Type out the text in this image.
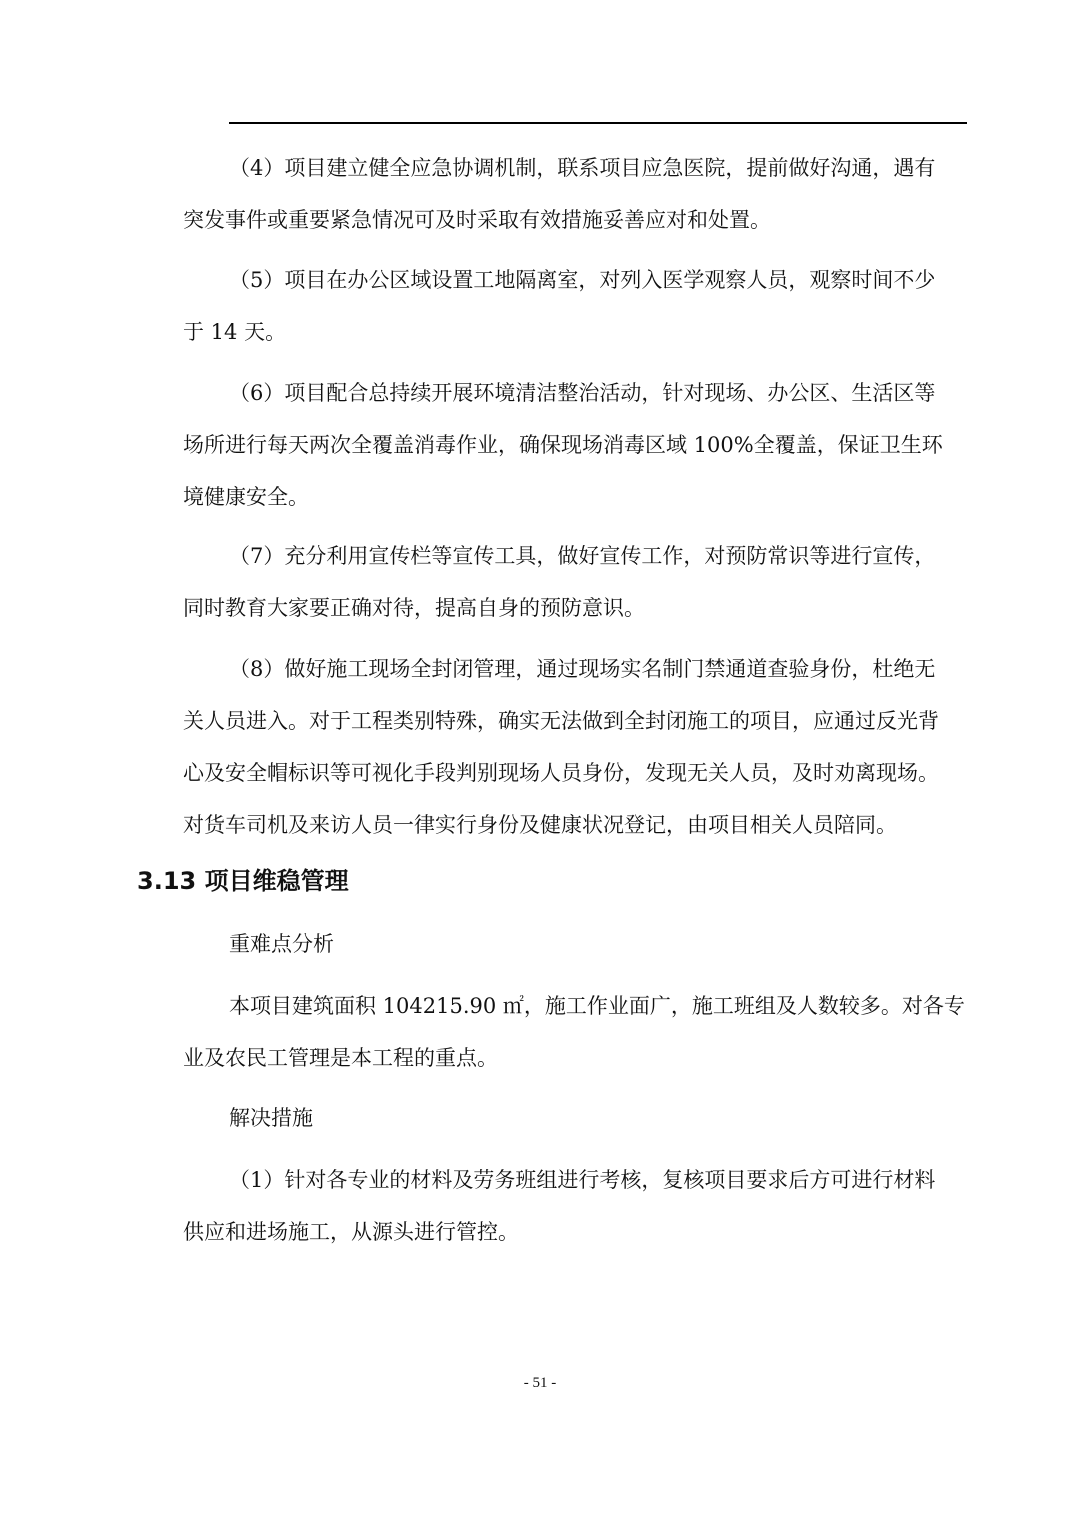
（4）项目建立健全应急协调机制，联系项目应急医院，提前做好沟通，遇有
突发事件或重要紧急情况可及时采取有效措施妥善应对和处置。
（5）项目在办公区域设置工地隔离室，对列入医学观察人员，观察时间不少
于 14 天。
（6）项目配合总持续开展环境清洁整治活动，针对现场、办公区、生活区等
场所进行每天两次全覆盖消毒作业，确保现场消毒区域 100%全覆盖，保证卫生环
境健康安全。
（7）充分利用宣传栏等宣传工具，做好宣传工作，对预防常识等进行宣传，
同时教育大家要正确对待，提高自身的预防意识。
（8）做好施工现场全封闭管理，通过现场实名制门禁通道查验身份，杜绝无
关人员进入。对于工程类别特殊，确实无法做到全封闭施工的项目，应通过反光背
心及安全帽标识等可视化手段判别现场人员身份，发现无关人员，及时劝离现场。
对货车司机及来访人员一律实行身份及健康状况登记，由项目相关人员陪同。
3.13 项目维稳管理

重难点分析

本项目建筑面积 104215.90 ㎡，施工作业面广，施工班组及人数较多。对各专
业及农民工管理是本工程的重点。

解决措施

（1）针对各专业的材料及劳务班组进行考核，复核项目要求后方可进行材料
供应和进场施工，从源头进行管控。
- 51 -
